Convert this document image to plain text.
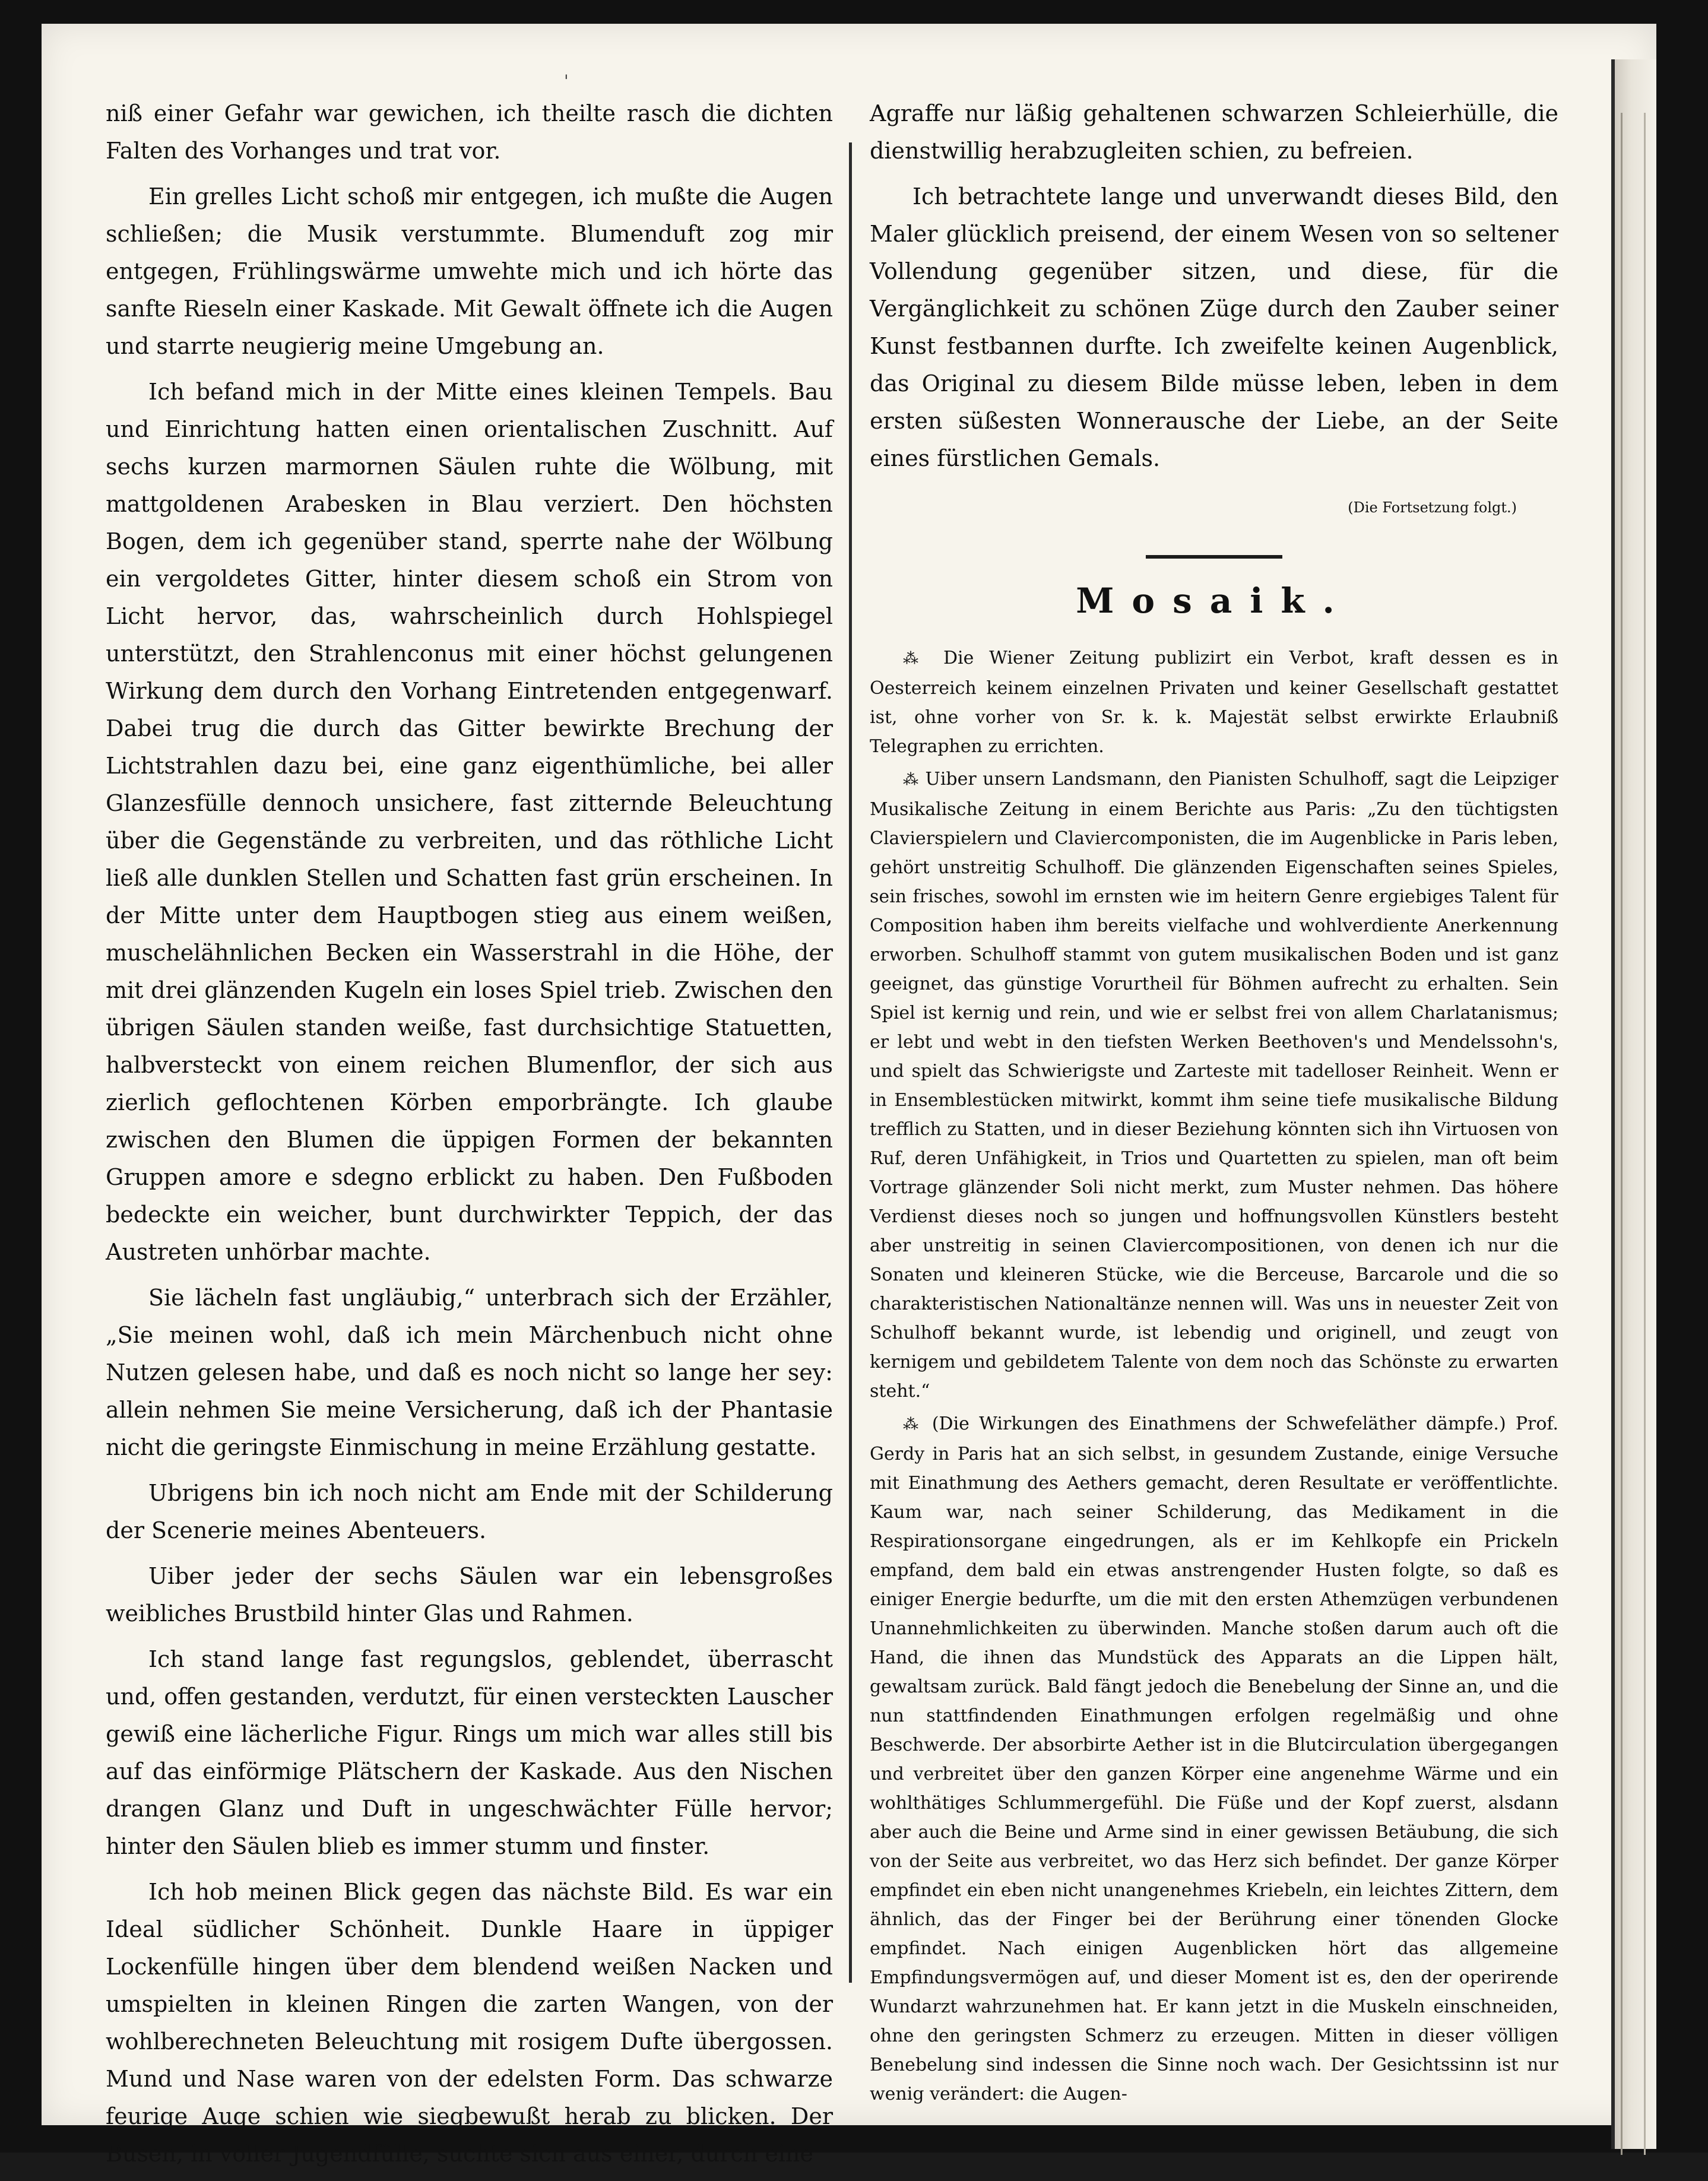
'

niß einer Gefahr war gewichen, ich theilte rasch die dichten Falten des Vorhanges und trat vor.

Ein grelles Licht schoß mir entgegen, ich mußte die Augen schließen; die Musik verstummte. Blumenduft zog mir entgegen, Frühlingswärme umwehte mich und ich hörte das sanfte Rieseln einer Kaskade. Mit Gewalt öffnete ich die Augen und starrte neugierig meine Umgebung an.

Ich befand mich in der Mitte eines kleinen Tempels. Bau und Einrichtung hatten einen orientalischen Zuschnitt. Auf sechs kurzen marmornen Säulen ruhte die Wölbung, mit mattgoldenen Arabesken in Blau verziert. Den höchsten Bogen, dem ich gegenüber stand, sperrte nahe der Wölbung ein vergoldetes Gitter, hinter diesem schoß ein Strom von Licht hervor, das, wahrscheinlich durch Hohlspiegel unterstützt, den Strahlenconus mit einer höchst gelungenen Wirkung dem durch den Vorhang Eintretenden entgegenwarf. Dabei trug die durch das Gitter bewirkte Brechung der Lichtstrahlen dazu bei, eine ganz eigenthümliche, bei aller Glanzesfülle dennoch unsichere, fast zitternde Beleuchtung über die Gegenstände zu verbreiten, und das röthliche Licht ließ alle dunklen Stellen und Schatten fast grün erscheinen. In der Mitte unter dem Hauptbogen stieg aus einem weißen, muschelähnlichen Becken ein Wasserstrahl in die Höhe, der mit drei glänzenden Kugeln ein loses Spiel trieb. Zwischen den übrigen Säulen standen weiße, fast durchsichtige Statuetten, halbversteckt von einem reichen Blumenflor, der sich aus zierlich geflochtenen Körben emporbrängte. Ich glaube zwischen den Blumen die üppigen Formen der bekannten Gruppen amore e sdegno erblickt zu haben. Den Fußboden bedeckte ein weicher, bunt durchwirkter Teppich, der das Austreten unhörbar machte.

Sie lächeln fast ungläubig,“ unterbrach sich der Erzähler, „Sie meinen wohl, daß ich mein Märchenbuch nicht ohne Nutzen gelesen habe, und daß es noch nicht so lange her sey: allein nehmen Sie meine Versicherung, daß ich der Phantasie nicht die geringste Einmischung in meine Erzählung gestatte.

Ubrigens bin ich noch nicht am Ende mit der Schilderung der Scenerie meines Abenteuers.

Uiber jeder der sechs Säulen war ein lebensgroßes weibliches Brustbild hinter Glas und Rahmen.

Ich stand lange fast regungslos, geblendet, überrascht und, offen gestanden, verdutzt, für einen versteckten Lauscher gewiß eine lächerliche Figur. Rings um mich war alles still bis auf das einförmige Plätschern der Kaskade. Aus den Nischen drangen Glanz und Duft in ungeschwächter Fülle hervor; hinter den Säulen blieb es immer stumm und finster.

Ich hob meinen Blick gegen das nächste Bild. Es war ein Ideal südlicher Schönheit. Dunkle Haare in üppiger Lockenfülle hingen über dem blendend weißen Nacken und umspielten in kleinen Ringen die zarten Wangen, von der wohlberechneten Beleuchtung mit rosigem Dufte übergossen. Mund und Nase waren von der edelsten Form. Das schwarze feurige Auge schien wie siegbewußt herab zu blicken. Der Busen, in voller Jugendfülle, suchte sich aus einer, durch eine

Agraffe nur läßig gehaltenen schwarzen Schleierhülle, die dienstwillig herabzugleiten schien, zu befreien.

Ich betrachtete lange und unverwandt dieses Bild, den Maler glücklich preisend, der einem Wesen von so seltener Vollendung gegenüber sitzen, und diese, für die Vergänglichkeit zu schönen Züge durch den Zauber seiner Kunst festbannen durfte. Ich zweifelte keinen Augenblick, das Original zu diesem Bilde müsse leben, leben in dem ersten süßesten Wonnerausche der Liebe, an der Seite eines fürstlichen Gemals.

(Die Fortsetzung folgt.)
Mosaik.

⁂ Die Wiener Zeitung publizirt ein Verbot, kraft dessen es in Oesterreich keinem einzelnen Privaten und keiner Gesellschaft gestattet ist, ohne vorher von Sr. k. k. Majestät selbst erwirkte Erlaubniß Telegraphen zu errichten.

⁂ Uiber unsern Landsmann, den Pianisten Schulhoff, sagt die Leipziger Musikalische Zeitung in einem Berichte aus Paris: „Zu den tüchtigsten Clavierspielern und Claviercomponisten, die im Augenblicke in Paris leben, gehört unstreitig Schulhoff. Die glänzenden Eigenschaften seines Spieles, sein frisches, sowohl im ernsten wie im heitern Genre ergiebiges Talent für Composition haben ihm bereits vielfache und wohlverdiente Anerkennung erworben. Schulhoff stammt von gutem musikalischen Boden und ist ganz geeignet, das günstige Vorurtheil für Böhmen aufrecht zu erhalten. Sein Spiel ist kernig und rein, und wie er selbst frei von allem Charlatanismus; er lebt und webt in den tiefsten Werken Beethoven's und Mendelssohn's, und spielt das Schwierigste und Zarteste mit tadelloser Reinheit. Wenn er in Ensemblestücken mitwirkt, kommt ihm seine tiefe musikalische Bildung trefflich zu Statten, und in dieser Beziehung könnten sich ihn Virtuosen von Ruf, deren Unfähigkeit, in Trios und Quartetten zu spielen, man oft beim Vortrage glänzender Soli nicht merkt, zum Muster nehmen. Das höhere Verdienst dieses noch so jungen und hoffnungsvollen Künstlers besteht aber unstreitig in seinen Claviercompositionen, von denen ich nur die Sonaten und kleineren Stücke, wie die Berceuse, Barcarole und die so charakteristischen Nationaltänze nennen will. Was uns in neuester Zeit von Schulhoff bekannt wurde, ist lebendig und originell, und zeugt von kernigem und gebildetem Talente von dem noch das Schönste zu erwarten steht.“

⁂ (Die Wirkungen des Einathmens der Schwefeläther dämpfe.) Prof. Gerdy in Paris hat an sich selbst, in gesundem Zustande, einige Versuche mit Einathmung des Aethers gemacht, deren Resultate er veröffentlichte. Kaum war, nach seiner Schilderung, das Medikament in die Respirationsorgane eingedrungen, als er im Kehlkopfe ein Prickeln empfand, dem bald ein etwas anstrengender Husten folgte, so daß es einiger Energie bedurfte, um die mit den ersten Athemzügen verbundenen Unannehmlichkeiten zu überwinden. Manche stoßen darum auch oft die Hand, die ihnen das Mundstück des Apparats an die Lippen hält, gewaltsam zurück. Bald fängt jedoch die Benebelung der Sinne an, und die nun stattfindenden Einathmungen erfolgen regelmäßig und ohne Beschwerde. Der absorbirte Aether ist in die Blutcirculation übergegangen und verbreitet über den ganzen Körper eine angenehme Wärme und ein wohlthätiges Schlummergefühl. Die Füße und der Kopf zuerst, alsdann aber auch die Beine und Arme sind in einer gewissen Betäubung, die sich von der Seite aus verbreitet, wo das Herz sich befindet. Der ganze Körper empfindet ein eben nicht unangenehmes Kriebeln, ein leichtes Zittern, dem ähnlich, das der Finger bei der Berührung einer tönenden Glocke empfindet. Nach einigen Augenblicken hört das allgemeine Empfindungsvermögen auf, und dieser Moment ist es, den der operirende Wundarzt wahrzunehmen hat. Er kann jetzt in die Muskeln einschneiden, ohne den geringsten Schmerz zu erzeugen. Mitten in dieser völligen Benebelung sind indessen die Sinne noch wach. Der Gesichtssinn ist nur wenig verändert: die Augen-
